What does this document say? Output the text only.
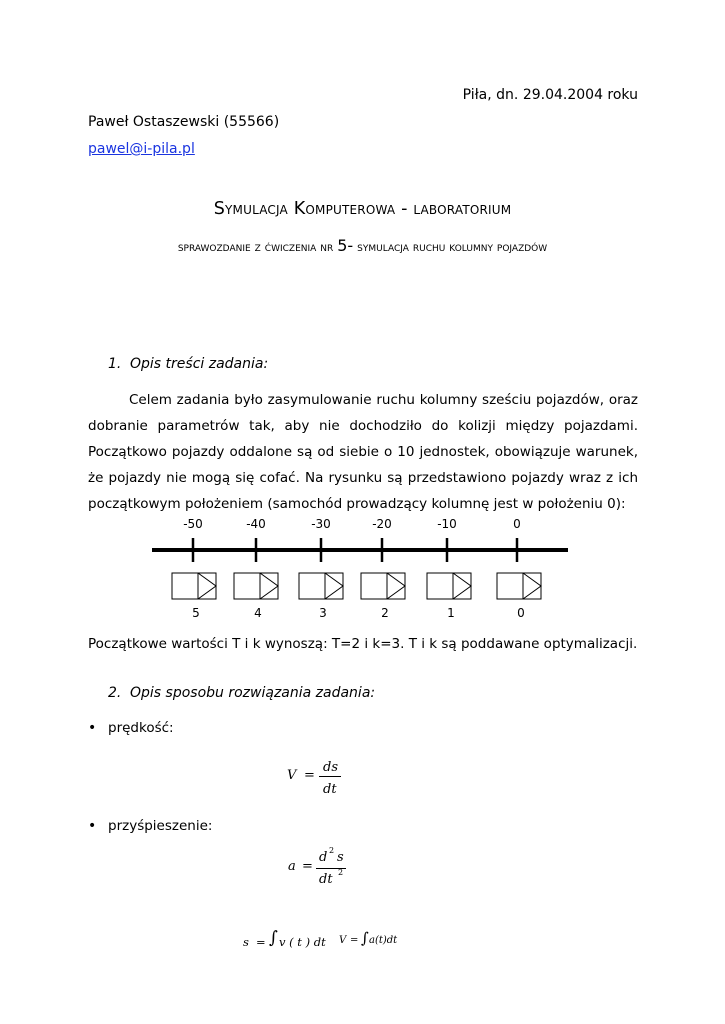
Piła, dn. 29.04.2004 roku
Paweł Ostaszewski (55566)
pawel@i-pila.pl
Symulacja Komputerowa - laboratorium
sprawozdanie z ćwiczenia nr 5- symulacja ruchu kolumny pojazdów
1. Opis treści zadania:
Celem zadania było zasymulowanie ruchu kolumny sześciu pojazdów, oraz dobranie parametrów tak, aby nie dochodziło do kolizji między pojazdami. Początkowo pojazdy oddalone są od siebie o 10 jednostek, obowiązuje warunek, że pojazdy nie mogą się cofać. Na rysunku są przedstawiono pojazdy wraz z ich początkowym położeniem (samochód prowadzący kolumnę jest w położeniu 0):
-50	-40	-30	-20	-10	0
5	4	3	2	1	0
Początkowe wartości T i k wynoszą: T=2 i k=3. T i k są poddawane optymalizacji.
2. Opis sposobu rozwiązania zadania:
• prędkość:
V =
ds
dt
• przyśpieszenie:
a =
d 2 s
dt 2
s = ∫ v ( t ) dt V = ∫ a(t)dt
